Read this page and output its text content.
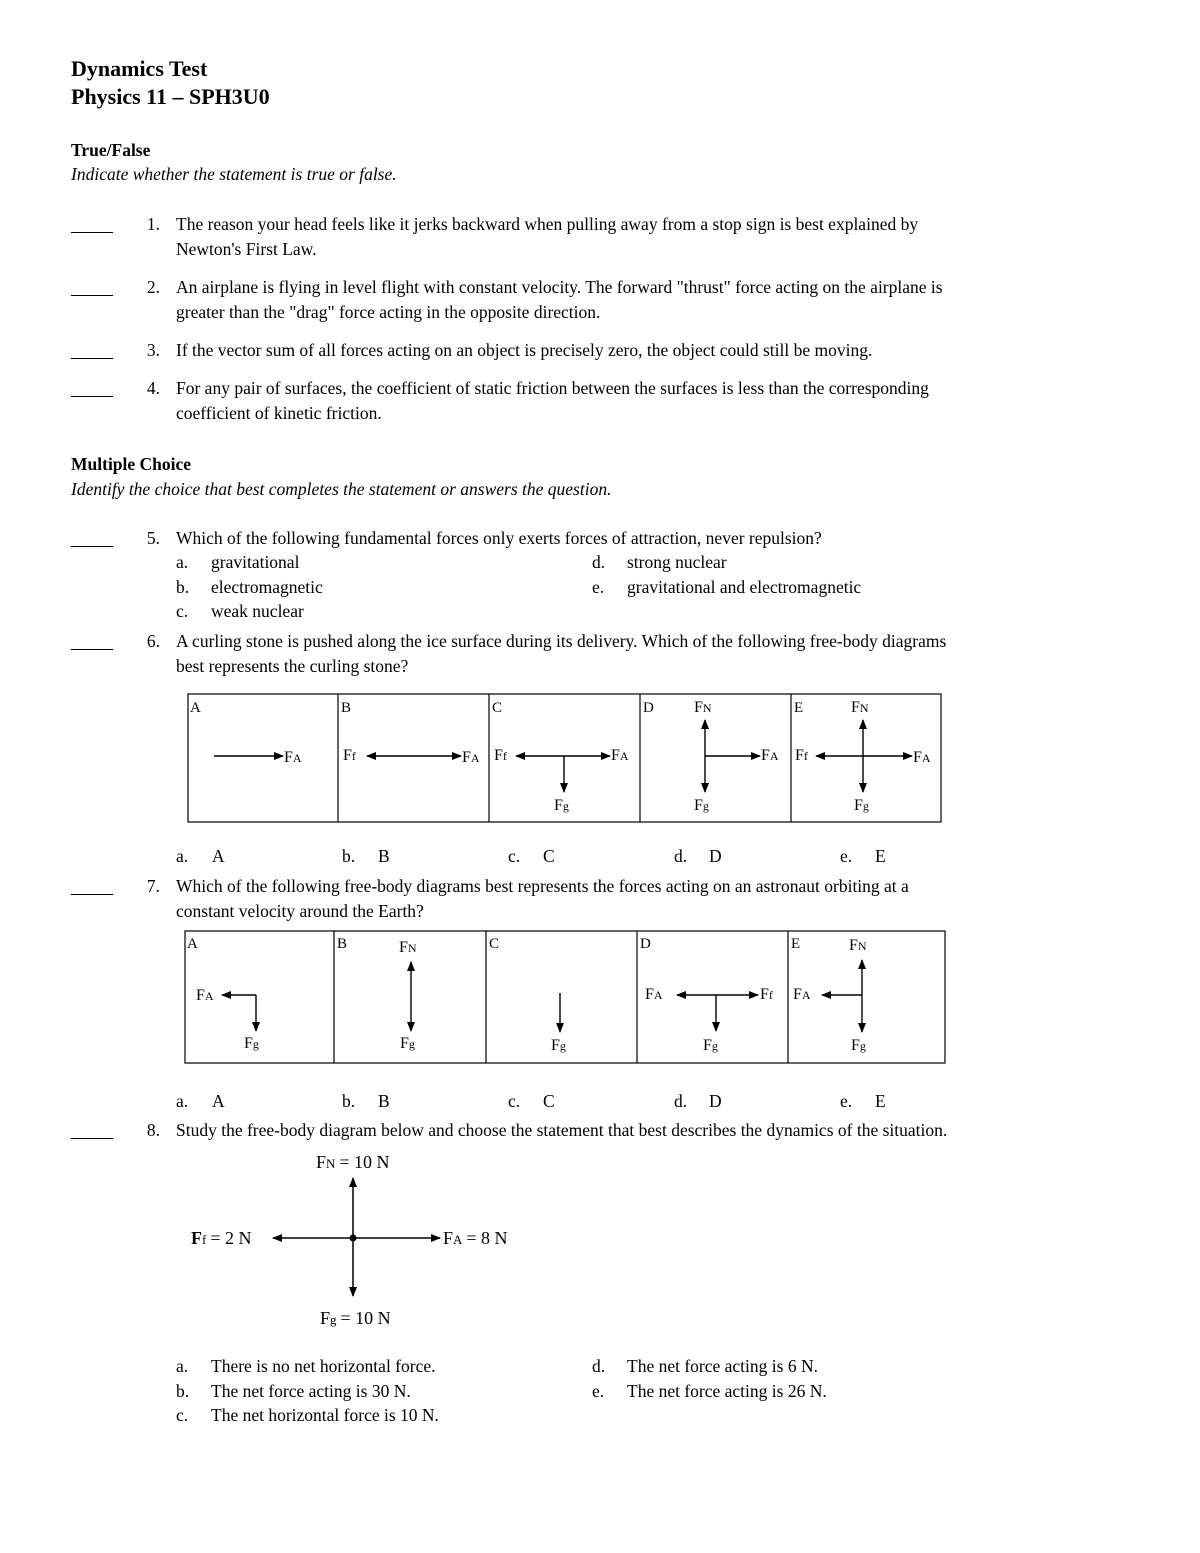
Dynamics Test
Physics 11 – SPH3U0
True/False
Indicate whether the statement is true or false.
1. The reason your head feels like it jerks backward when pulling away from a stop sign is best explained by
Newton's First Law.
2. An airplane is flying in level flight with constant velocity. The forward "thrust" force acting on the airplane is
greater than the "drag" force acting in the opposite direction.
3. If the vector sum of all forces acting on an object is precisely zero, the object could still be moving.
4. For any pair of surfaces, the coefficient of static friction between the surfaces is less than the corresponding
coefficient of kinetic friction.
Multiple Choice
Identify the choice that best completes the statement or answers the question.
5. Which of the following fundamental forces only exerts forces of attraction, never repulsion?
a. gravitational
b. electromagnetic
c. weak nuclear
d. strong nuclear
e. gravitational and electromagnetic
6. A curling stone is pushed along the ice surface during its delivery. Which of the following free-body diagrams
best represents the curling stone?
A	B	C	D	E
FA	Ff	FA Ff	FA
Fg
FN
FA
Fg
FN
Ff	FA
Fg
a. A	b. B	c. C	d. D	e. E
7. Which of the following free-body diagrams best represents the forces acting on an astronaut orbiting at a
constant velocity around the Earth?
A	B	C	D	E
FA
Fg
FN
Fg	Fg
FA	Ff
Fg
FN
FA
Fg
a. A	b. B	c. C	d. D	e. E
8. Study the free-body diagram below and choose the statement that best describes the dynamics of the situation.
FN = 10 N
Ff = 2 N	FA = 8 N
Fg = 10 N
a. There is no net horizontal force.
b. The net force acting is 30 N.
c. The net horizontal force is 10 N.
d. The net force acting is 6 N.
e. The net force acting is 26 N.
